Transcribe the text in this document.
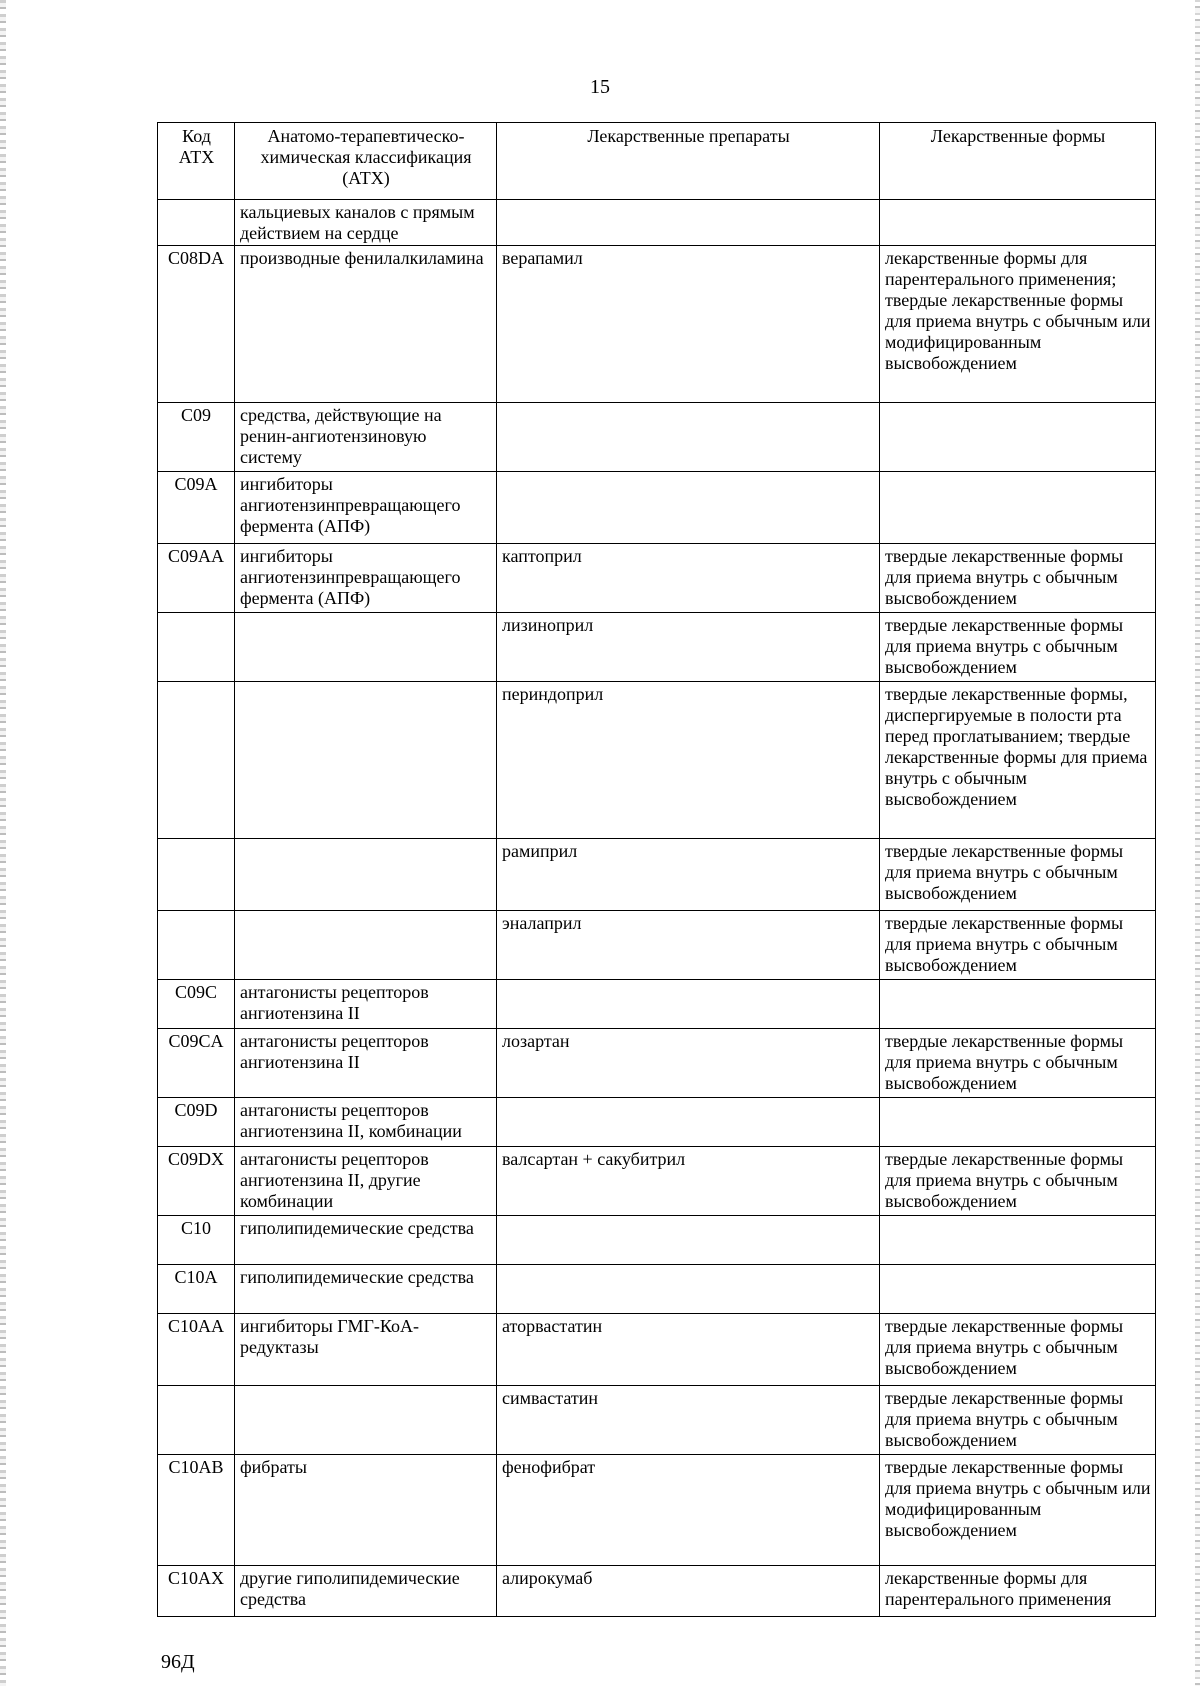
15
Код АТХ	Анатомо-терапевтическо-химическая классификация (АТХ)	Лекарственные препараты	Лекарственные формы
	кальциевых каналов с прямым действием на сердце		
C08DA	производные фенилалкиламина	верапамил	лекарственные формы для парентерального применения; твердые лекарственные формы для приема внутрь с обычным или модифицированным высвобождением
C09	средства, действующие на ренин-ангиотензиновую систему		
C09A	ингибиторы ангиотензинпревращающего фермента (АПФ)		
C09AA	ингибиторы ангиотензинпревращающего фермента (АПФ)	каптоприл	твердые лекарственные формы для приема внутрь с обычным высвобождением
		лизиноприл	твердые лекарственные формы для приема внутрь с обычным высвобождением
		периндоприл	твердые лекарственные формы, диспергируемые в полости рта перед проглатыванием; твердые лекарственные формы для приема внутрь с обычным высвобождением
		рамиприл	твердые лекарственные формы для приема внутрь с обычным высвобождением
		эналаприл	твердые лекарственные формы для приема внутрь с обычным высвобождением
C09C	антагонисты рецепторов ангиотензина II		
C09CA	антагонисты рецепторов ангиотензина II	лозартан	твердые лекарственные формы для приема внутрь с обычным высвобождением
C09D	антагонисты рецепторов ангиотензина II, комбинации		
C09DX	антагонисты рецепторов ангиотензина II, другие комбинации	валсартан + сакубитрил	твердые лекарственные формы для приема внутрь с обычным высвобождением
C10	гиполипидемические средства		
C10A	гиполипидемические средства		
C10AA	ингибиторы ГМГ-КоА-редуктазы	аторвастатин	твердые лекарственные формы для приема внутрь с обычным высвобождением
		симвастатин	твердые лекарственные формы для приема внутрь с обычным высвобождением
C10AB	фибраты	фенофибрат	твердые лекарственные формы для приема внутрь с обычным или модифицированным высвобождением
C10AX	другие гиполипидемические средства	алирокумаб	лекарственные формы для парентерального применения
96Д
